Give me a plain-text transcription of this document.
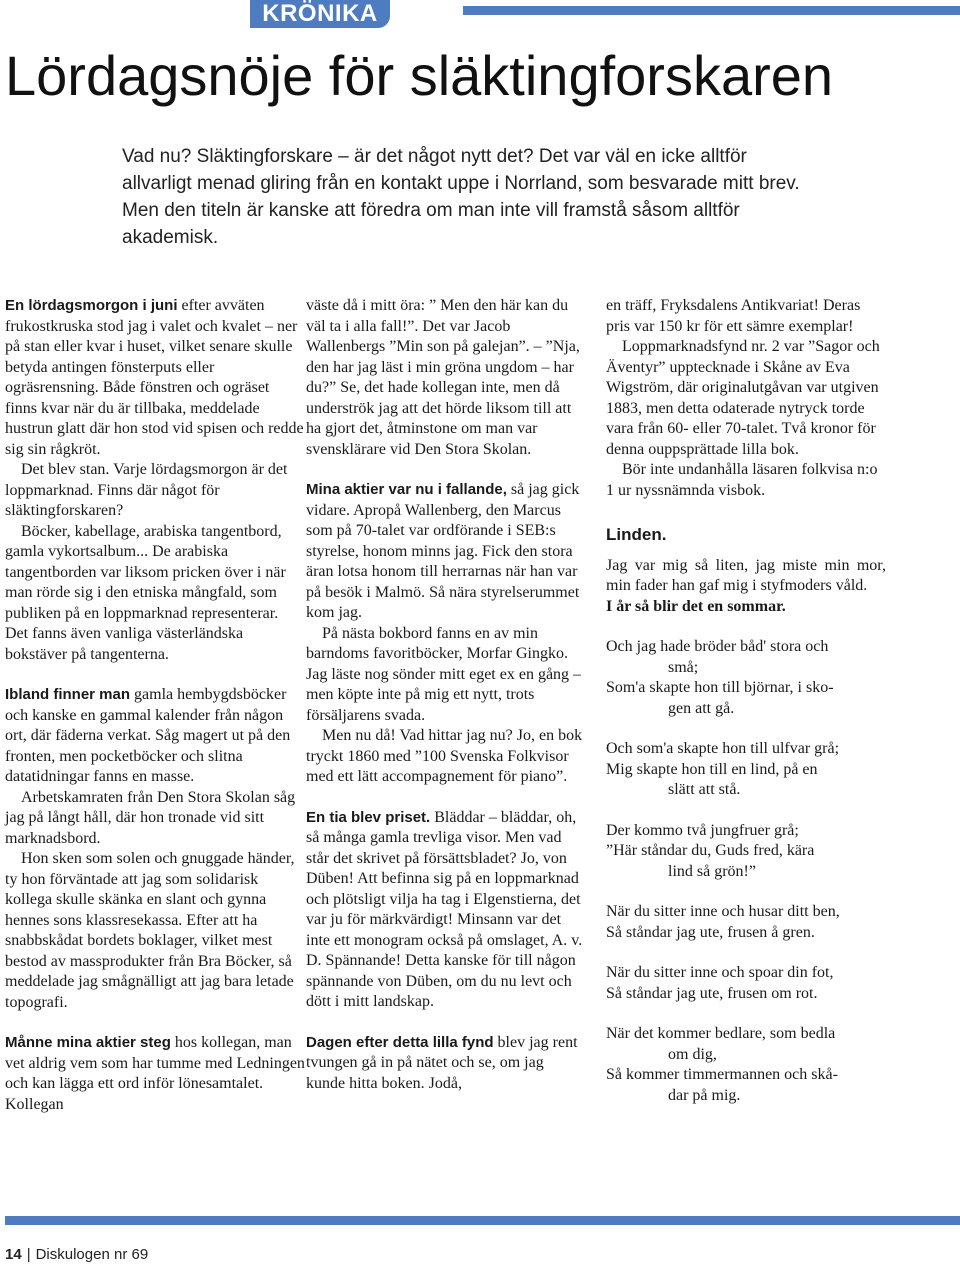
KRÖNIKA
Lördagsnöje för släktingforskaren

Vad nu? Släktingforskare – är det något nytt det? Det var väl en icke alltför allvarligt menad gliring från en kontakt uppe i Norrland, som besvarade mitt brev. Men den titeln är kanske att föredra om man inte vill framstå såsom alltför akademisk.

En lördagsmorgon i juni efter avväten frukostkruska stod jag i valet och kvalet – ner på stan eller kvar i huset, vilket senare skulle betyda antingen fönsterputs eller ogräsrensning. Både fönstren och ogräset finns kvar när du är tillbaka, meddelade hustrun glatt där hon stod vid spisen och redde sig sin rågkröt.

Det blev stan. Varje lördagsmorgon är det loppmarknad. Finns där något för släktingforskaren?

Böcker, kabellage, arabiska tangentbord, gamla vykortsalbum... De arabiska tangentborden var liksom pricken över i när man rörde sig i den etniska mångfald, som publiken på en loppmarknad representerar. Det fanns även vanliga västerländska bokstäver på tangenterna.

Ibland finner man gamla hembygdsböcker och kanske en gammal kalender från någon ort, där fäderna verkat. Såg magert ut på den fronten, men pocketböcker och slitna datatidningar fanns en masse.

Arbetskamraten från Den Stora Skolan såg jag på långt håll, där hon tronade vid sitt marknadsbord.

Hon sken som solen och gnuggade händer, ty hon förväntade att jag som solidarisk kollega skulle skänka en slant och gynna hennes sons klassresekassa. Efter att ha snabbskådat bordets boklager, vilket mest bestod av massprodukter från Bra Böcker, så meddelade jag smågnälligt att jag bara letade topografi.

Månne mina aktier steg hos kollegan, man vet aldrig vem som har tumme med Ledningen och kan lägga ett ord inför lönesamtalet. Kollegan

väste då i mitt öra: ” Men den här kan du väl ta i alla fall!”. Det var Jacob Wallenbergs ”Min son på galejan”. – ”Nja, den har jag läst i min gröna ungdom – har du?” Se, det hade kollegan inte, men då underströk jag att det hörde liksom till att ha gjort det, åtminstone om man var svensklärare vid Den Stora Skolan.

Mina aktier var nu i fallande, så jag gick vidare. Apropå Wallenberg, den Marcus som på 70-talet var ordförande i SEB:s styrelse, honom minns jag. Fick den stora äran lotsa honom till herrarnas när han var på besök i Malmö. Så nära styrelserummet kom jag.

På nästa bokbord fanns en av min barndoms favoritböcker, Morfar Gingko. Jag läste nog sönder mitt eget ex en gång – men köpte inte på mig ett nytt, trots försäljarens svada.

Men nu då! Vad hittar jag nu? Jo, en bok tryckt 1860 med ”100 Svenska Folkvisor med ett lätt accompagnement för piano”.

En tia blev priset. Bläddar – bläddar, oh, så många gamla trevliga visor. Men vad står det skrivet på försättsbladet? Jo, von Düben! Att befinna sig på en loppmarknad och plötsligt vilja ha tag i Elgenstierna, det var ju för märkvärdigt! Minsann var det inte ett monogram också på omslaget, A. v. D. Spännande! Detta kanske för till någon spännande von Düben, om du nu levt och dött i mitt landskap.

Dagen efter detta lilla fynd blev jag rent tvungen gå in på nätet och se, om jag kunde hitta boken. Jodå,

en träff, Fryksdalens Antikvariat! Deras pris var 150 kr för ett sämre exemplar!

Loppmarknadsfynd nr. 2 var ”Sagor och Äventyr” upptecknade i Skåne av Eva Wigström, där originalutgåvan var utgiven 1883, men detta odaterade nytryck torde vara från 60- eller 70-talet. Två kronor för denna ouppsprättade lilla bok.

Bör inte undanhålla läsaren folkvisa n:o 1 ur nyssnämnda visbok.

Linden.

Jag var mig så liten, jag miste min mor, min fader han gaf mig i styfmoders våld.

I år så blir det en sommar.

Och jag hade bröder båd' stora och

små;
Som'a skapte hon till björnar, i sko-

gen att gå.

Och som'a skapte hon till ulfvar grå;
Mig skapte hon till en lind, på en

slätt att stå.

Der kommo två jungfruer grå;
”Här ståndar du, Guds fred, kära

lind så grön!”

När du sitter inne och husar ditt ben,
Så ståndar jag ute, frusen å gren.

När du sitter inne och spoar din fot,
Så ståndar jag ute, frusen om rot.

När det kommer bedlare, som bedla

om dig,
Så kommer timmermannen och skå-

dar på mig.

14 | Diskulogen nr 69
